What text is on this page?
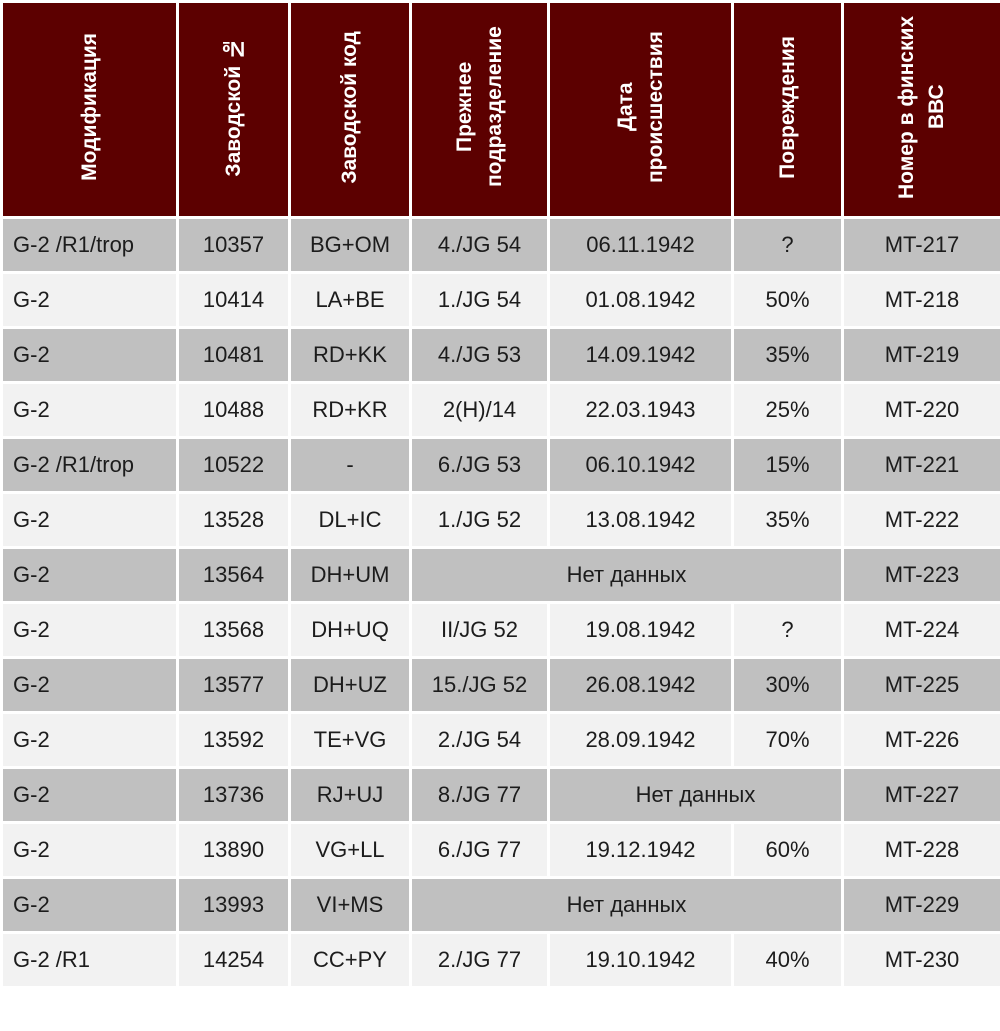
Модификация	Заводской №	Заводской код	Прежнее подразделение	Дата происшествия	Повреждения	Номер в финских ВВС
G-2 /R1/trop	10357	BG+OM	4./JG 54	06.11.1942	?	MT-217
G-2	10414	LA+BE	1./JG 54	01.08.1942	50%	MT-218
G-2	10481	RD+KK	4./JG 53	14.09.1942	35%	MT-219
G-2	10488	RD+KR	2(H)/14	22.03.1943	25%	MT-220
G-2 /R1/trop	10522	-	6./JG 53	06.10.1942	15%	MT-221
G-2	13528	DL+IC	1./JG 52	13.08.1942	35%	MT-222
G-2	13564	DH+UM	Нет данных			MT-223
G-2	13568	DH+UQ	II/JG 52	19.08.1942	?	MT-224
G-2	13577	DH+UZ	15./JG 52	26.08.1942	30%	MT-225
G-2	13592	TE+VG	2./JG 54	28.09.1942	70%	MT-226
G-2	13736	RJ+UJ	8./JG 77	Нет данных		MT-227
G-2	13890	VG+LL	6./JG 77	19.12.1942	60%	MT-228
G-2	13993	VI+MS	Нет данных			MT-229
G-2 /R1	14254	CC+PY	2./JG 77	19.10.1942	40%	MT-230
